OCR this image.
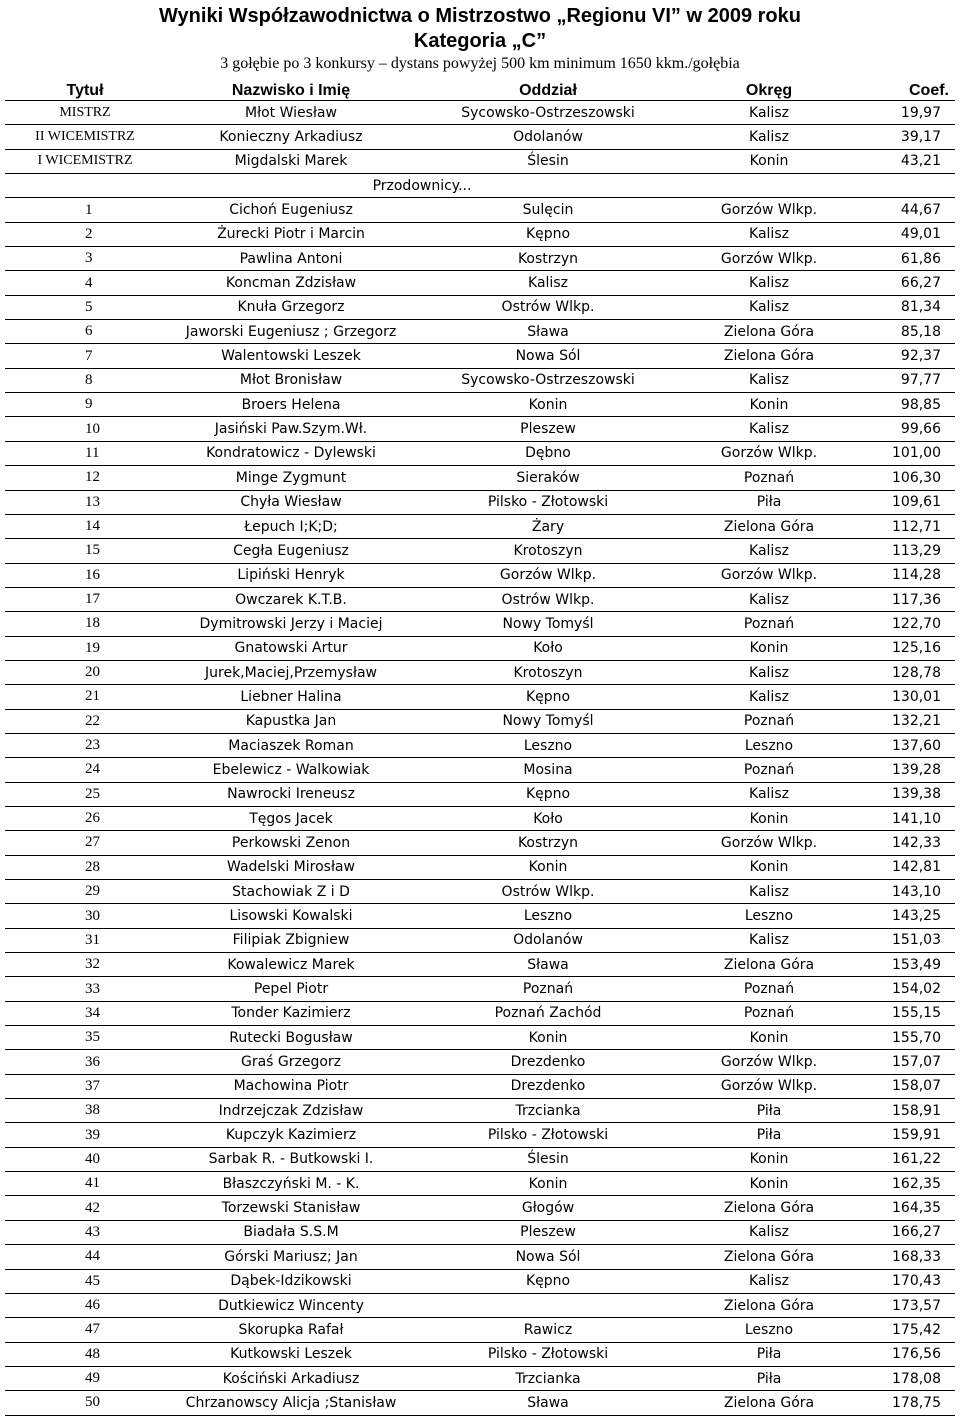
Wyniki Współzawodnictwa o Mistrzostwo „Regionu VI” w 2009 roku
Kategoria „C”
3 gołębie po 3 konkursy – dystans powyżej 500 km minimum 1650 kkm./gołębia
Tytuł	Nazwisko i Imię	Oddział	Okręg	Coef.
MISTRZ	Młot Wiesław	Sycowsko-Ostrzeszowski	Kalisz	19,97
II WICEMISTRZ	Konieczny Arkadiusz	Odolanów	Kalisz	39,17
I WICEMISTRZ	Migdalski Marek	Ślesin	Konin	43,21
	Przodownicy...			
1	Cichoń Eugeniusz	Sulęcin	Gorzów Wlkp.	44,67
2	Żurecki Piotr i Marcin	Kępno	Kalisz	49,01
3	Pawlina Antoni	Kostrzyn	Gorzów Wlkp.	61,86
4	Koncman Zdzisław	Kalisz	Kalisz	66,27
5	Knuła Grzegorz	Ostrów Wlkp.	Kalisz	81,34
6	Jaworski Eugeniusz ; Grzegorz	Sława	Zielona Góra	85,18
7	Walentowski Leszek	Nowa Sól	Zielona Góra	92,37
8	Młot Bronisław	Sycowsko-Ostrzeszowski	Kalisz	97,77
9	Broers Helena	Konin	Konin	98,85
10	Jasiński Paw.Szym.Wł.	Pleszew	Kalisz	99,66
11	Kondratowicz - Dylewski	Dębno	Gorzów Wlkp.	101,00
12	Minge Zygmunt	Sieraków	Poznań	106,30
13	Chyła Wiesław	Pilsko - Złotowski	Piła	109,61
14	Łepuch I;K;D;	Żary	Zielona Góra	112,71
15	Cegła Eugeniusz	Krotoszyn	Kalisz	113,29
16	Lipiński Henryk	Gorzów Wlkp.	Gorzów Wlkp.	114,28
17	Owczarek K.T.B.	Ostrów Wlkp.	Kalisz	117,36
18	Dymitrowski Jerzy i Maciej	Nowy Tomyśl	Poznań	122,70
19	Gnatowski Artur	Koło	Konin	125,16
20	Jurek,Maciej,Przemysław	Krotoszyn	Kalisz	128,78
21	Liebner Halina	Kępno	Kalisz	130,01
22	Kapustka Jan	Nowy Tomyśl	Poznań	132,21
23	Maciaszek Roman	Leszno	Leszno	137,60
24	Ebelewicz - Walkowiak	Mosina	Poznań	139,28
25	Nawrocki Ireneusz	Kępno	Kalisz	139,38
26	Tęgos Jacek	Koło	Konin	141,10
27	Perkowski Zenon	Kostrzyn	Gorzów Wlkp.	142,33
28	Wadelski Mirosław	Konin	Konin	142,81
29	Stachowiak Z i D	Ostrów Wlkp.	Kalisz	143,10
30	Lisowski Kowalski	Leszno	Leszno	143,25
31	Filipiak Zbigniew	Odolanów	Kalisz	151,03
32	Kowalewicz Marek	Sława	Zielona Góra	153,49
33	Pepel Piotr	Poznań	Poznań	154,02
34	Tonder Kazimierz	Poznań Zachód	Poznań	155,15
35	Rutecki Bogusław	Konin	Konin	155,70
36	Graś Grzegorz	Drezdenko	Gorzów Wlkp.	157,07
37	Machowina Piotr	Drezdenko	Gorzów Wlkp.	158,07
38	Indrzejczak Zdzisław	Trzcianka	Piła	158,91
39	Kupczyk Kazimierz	Pilsko - Złotowski	Piła	159,91
40	Sarbak R. - Butkowski I.	Ślesin	Konin	161,22
41	Błaszczyński M. - K.	Konin	Konin	162,35
42	Torzewski Stanisław	Głogów	Zielona Góra	164,35
43	Biadała S.S.M	Pleszew	Kalisz	166,27
44	Górski Mariusz; Jan	Nowa Sól	Zielona Góra	168,33
45	Dąbek-Idzikowski	Kępno	Kalisz	170,43
46	Dutkiewicz Wincenty		Zielona Góra	173,57
47	Skorupka Rafał	Rawicz	Leszno	175,42
48	Kutkowski Leszek	Pilsko - Złotowski	Piła	176,56
49	Kościński Arkadiusz	Trzcianka	Piła	178,08
50	Chrzanowscy Alicja ;Stanisław	Sława	Zielona Góra	178,75
